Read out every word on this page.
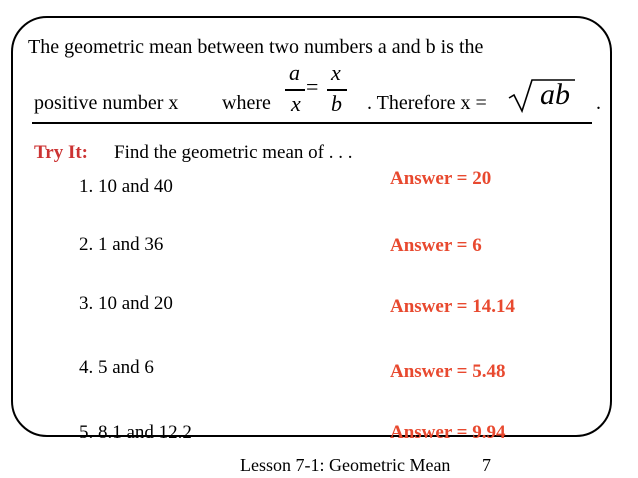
The geometric mean between two numbers a and b is the
positive number x where
a
x
=
x
b . Therefore x = ab .
Try It: Find the geometric mean of . . .
1. 10 and 40	Answer = 20
2. 1 and 36	Answer = 6
3. 10 and 20	Answer = 14.14
4. 5 and 6	Answer = 5.48
5. 8.1 and 12.2	Answer = 9.94
Lesson 7-1: Geometric Mean 7
